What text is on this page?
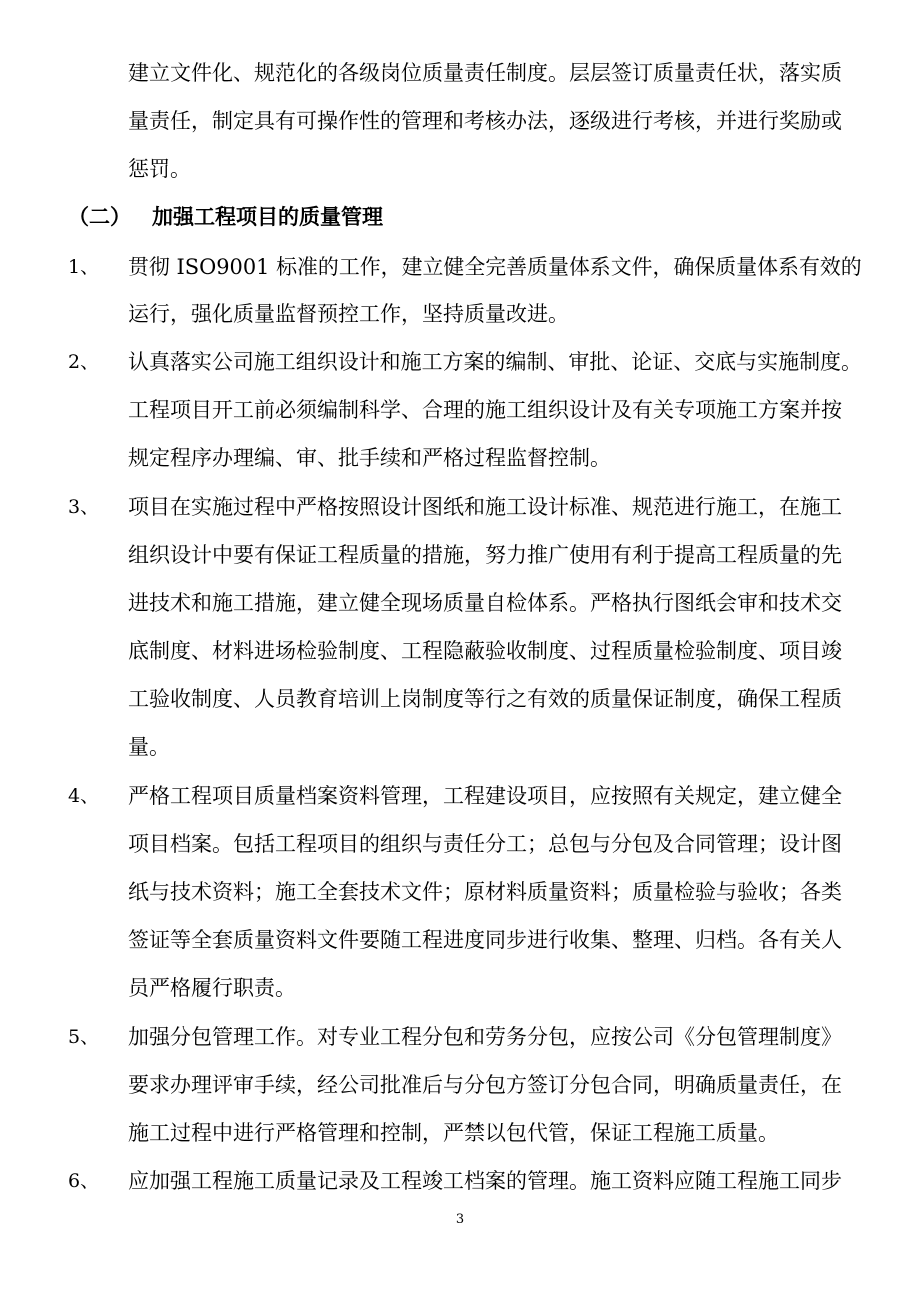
建立文件化、规范化的各级岗位质量责任制度。层层签订质量责任状，落实质
量责任，制定具有可操作性的管理和考核办法，逐级进行考核，并进行奖励或
惩罚。
（二） 加强工程项目的质量管理
1、 贯彻 ISO9001 标准的工作，建立健全完善质量体系文件，确保质量体系有效的
运行，强化质量监督预控工作，坚持质量改进。
2、 认真落实公司施工组织设计和施工方案的编制、审批、论证、交底与实施制度。
工程项目开工前必须编制科学、合理的施工组织设计及有关专项施工方案并按
规定程序办理编、审、批手续和严格过程监督控制。
3、 项目在实施过程中严格按照设计图纸和施工设计标准、规范进行施工，在施工
组织设计中要有保证工程质量的措施，努力推广使用有利于提高工程质量的先
进技术和施工措施，建立健全现场质量自检体系。严格执行图纸会审和技术交
底制度、材料进场检验制度、工程隐蔽验收制度、过程质量检验制度、项目竣
工验收制度、人员教育培训上岗制度等行之有效的质量保证制度，确保工程质
量。
4、 严格工程项目质量档案资料管理，工程建设项目，应按照有关规定，建立健全
项目档案。包括工程项目的组织与责任分工；总包与分包及合同管理；设计图
纸与技术资料；施工全套技术文件；原材料质量资料；质量检验与验收；各类
签证等全套质量资料文件要随工程进度同步进行收集、整理、归档。各有关人
员严格履行职责。
5、 加强分包管理工作。对专业工程分包和劳务分包，应按公司《分包管理制度》
要求办理评审手续，经公司批准后与分包方签订分包合同，明确质量责任，在
施工过程中进行严格管理和控制，严禁以包代管，保证工程施工质量。
6、 应加强工程施工质量记录及工程竣工档案的管理。施工资料应随工程施工同步
3
